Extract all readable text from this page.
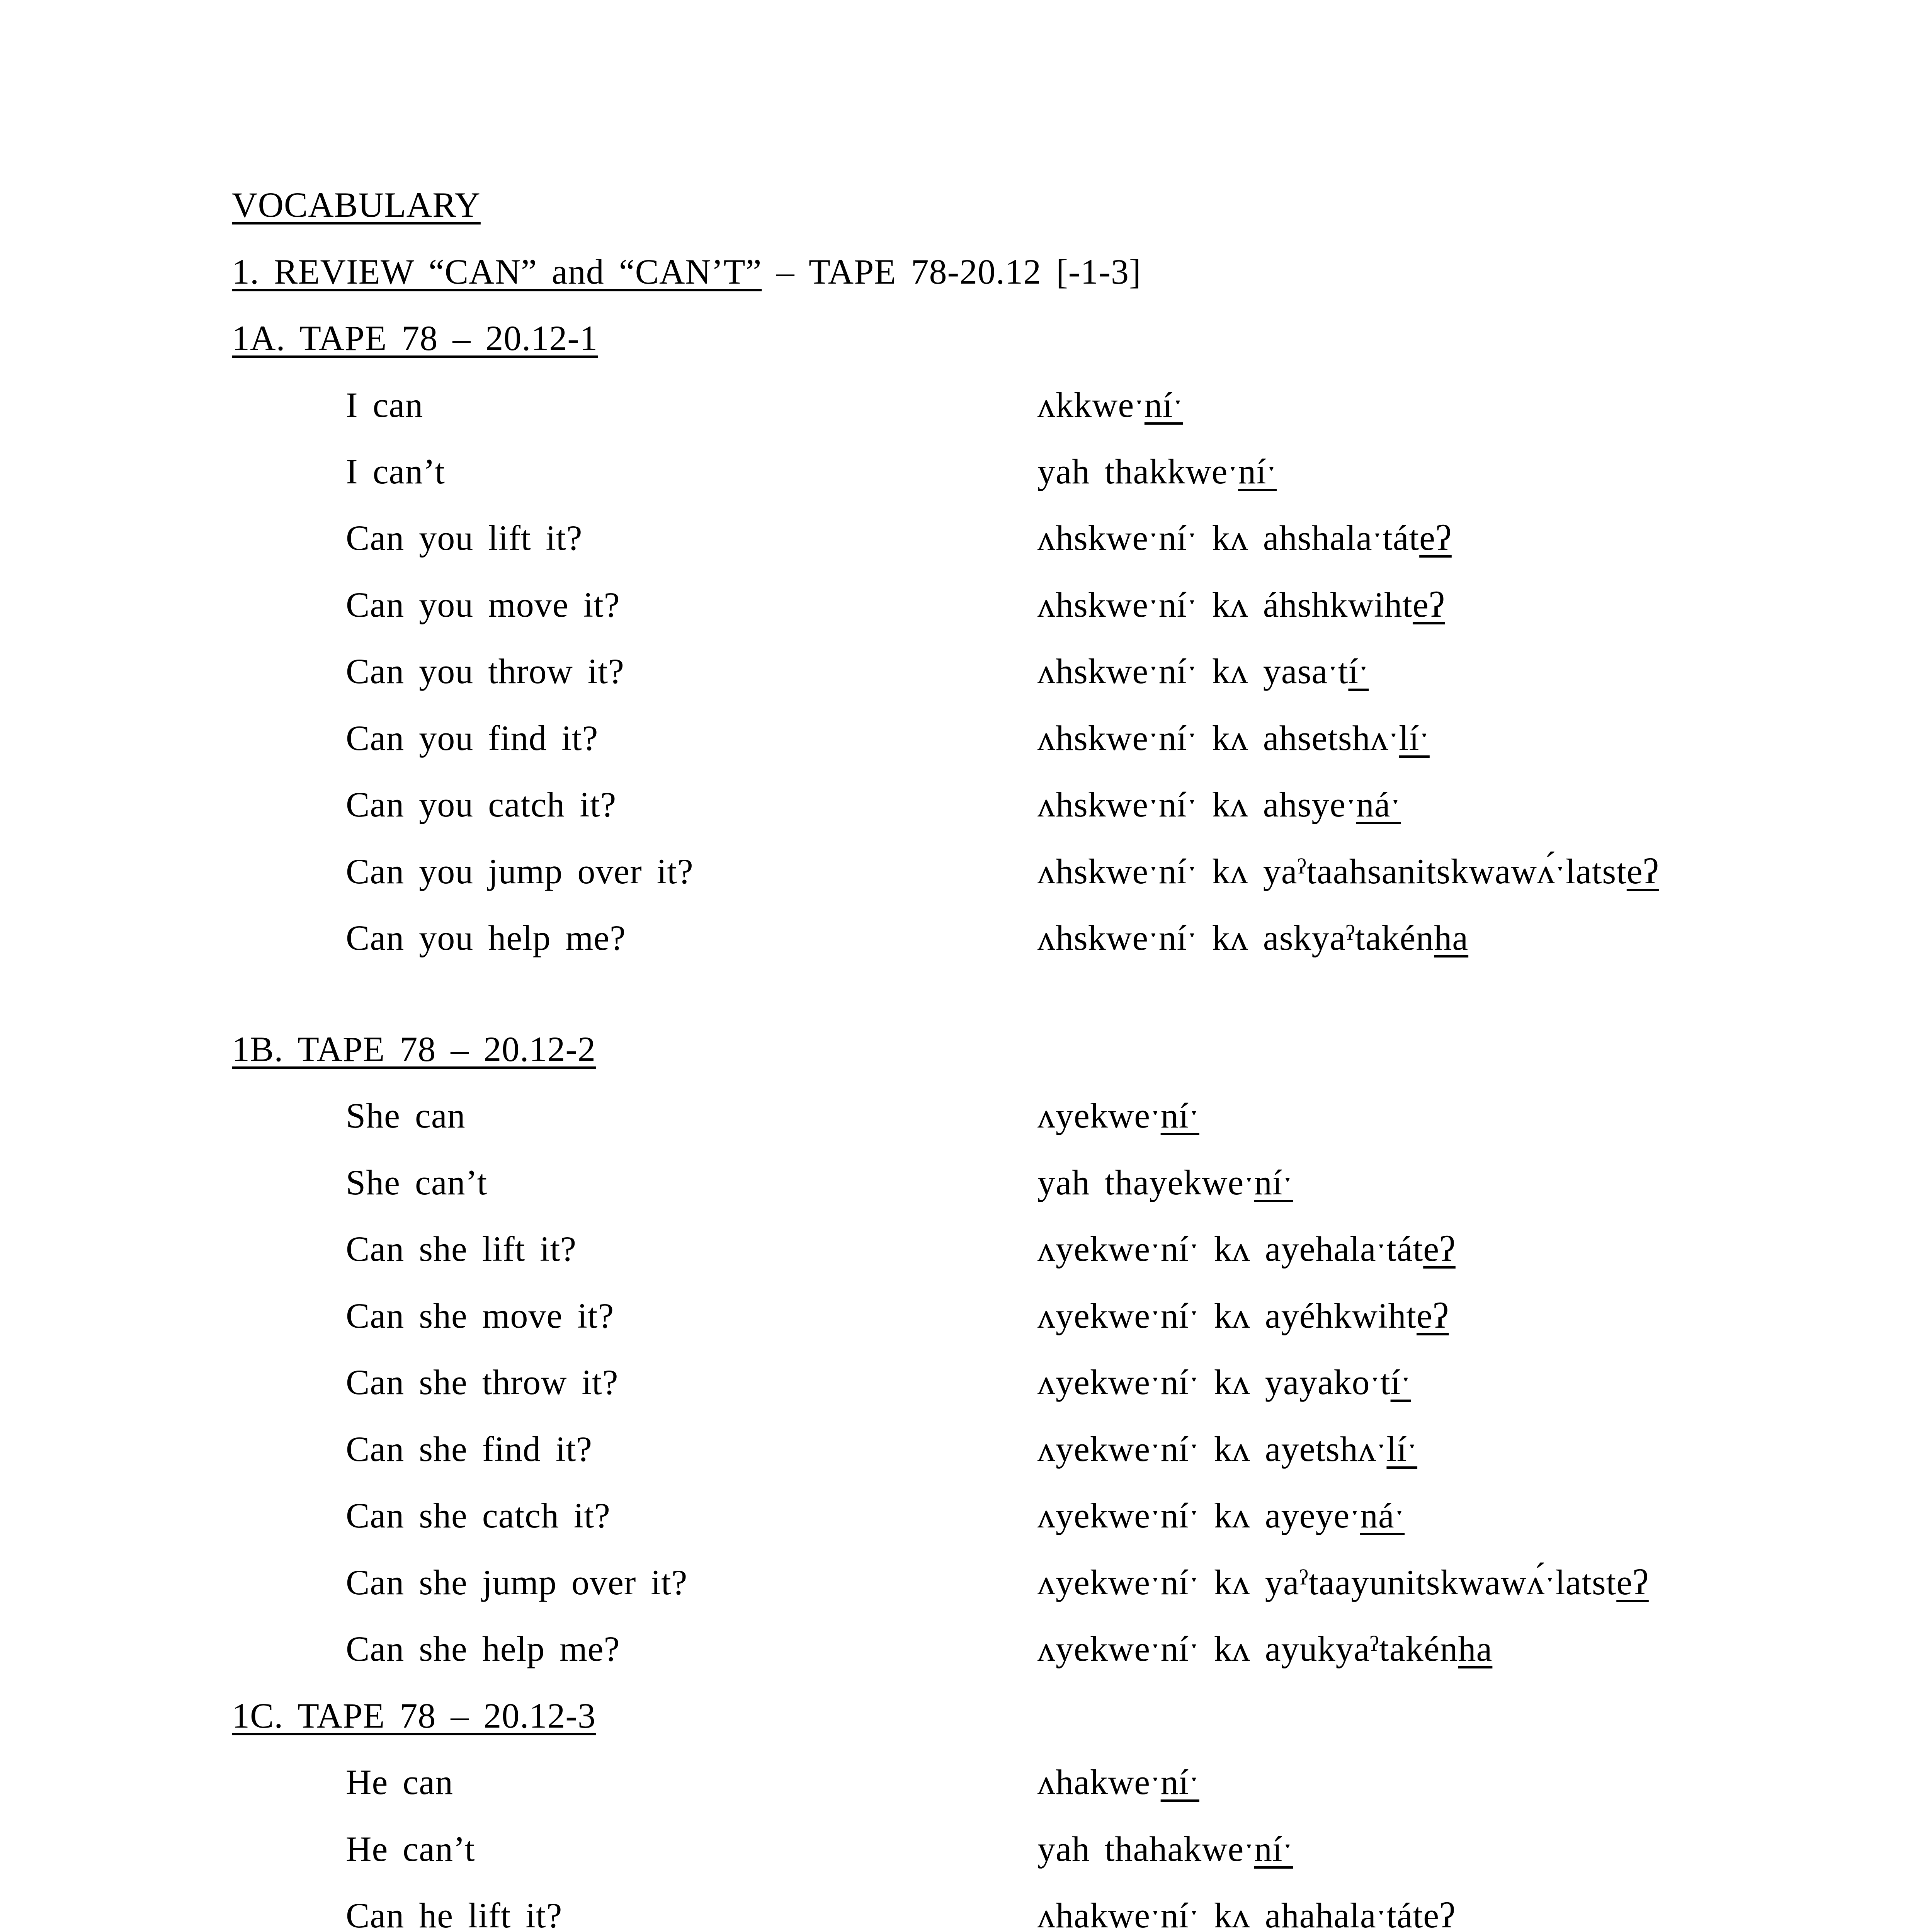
VOCABULARY
1. REVIEW “CAN” and “CAN’T” – TAPE 78-20.12 [-1-3]
1A. TAPE 78 – 20.12-1
I can	ʌkkweˑníˑ
I can’t	yah thakkweˑníˑ
Can you lift it?	ʌhskweˑníˑ kʌ ahshalaˑtáteʔ
Can you move it?	ʌhskweˑníˑ kʌ áhshkwihteʔ
Can you throw it?	ʌhskweˑníˑ kʌ yasaˑtíˑ
Can you find it?	ʌhskweˑníˑ kʌ ahsetshʌˑlíˑ
Can you catch it?	ʌhskweˑníˑ kʌ ahsyeˑnáˑ
Can you jump over it?	ʌhskweˑníˑ kʌ yaˀtaahsanitskwawʌ́ˑlatsteʔ
Can you help me?	ʌhskweˑníˑ kʌ askyaˀtakénha
1B. TAPE 78 – 20.12-2
She can	ʌyekweˑníˑ
She can’t	yah thayekweˑníˑ
Can she lift it?	ʌyekweˑníˑ kʌ ayehalaˑtáteʔ
Can she move it?	ʌyekweˑníˑ kʌ ayéhkwihteʔ
Can she throw it?	ʌyekweˑníˑ kʌ yayakoˑtíˑ
Can she find it?	ʌyekweˑníˑ kʌ ayetshʌˑlíˑ
Can she catch it?	ʌyekweˑníˑ kʌ ayeyeˑnáˑ
Can she jump over it?	ʌyekweˑníˑ kʌ yaˀtaayunitskwawʌ́ˑlatsteʔ
Can she help me?	ʌyekweˑníˑ kʌ ayukyaˀtakénha
1C. TAPE 78 – 20.12-3
He can	ʌhakweˑníˑ
He can’t	yah thahakweˑníˑ
Can he lift it?	ʌhakweˑníˑ kʌ ahahalaˑtáteʔ
